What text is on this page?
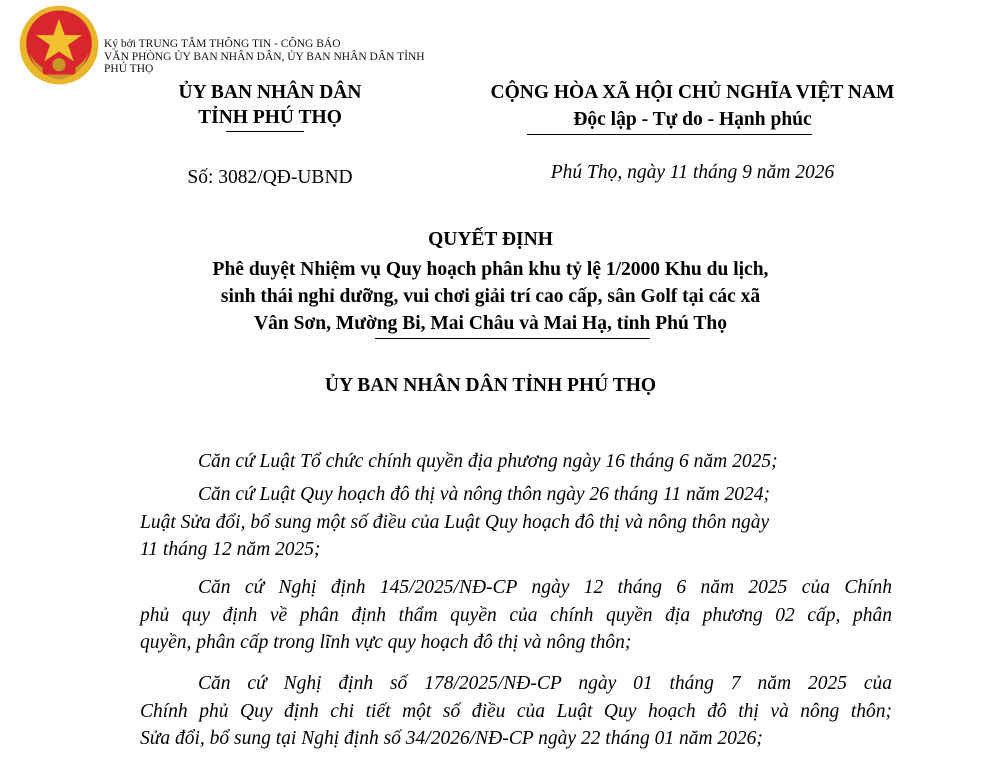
Ký bởi TRUNG TÂM THÔNG TIN - CÔNG BÁO
VĂN PHÒNG ỦY BAN NHÂN DÂN, ỦY BAN NHÂN DÂN TỈNH
PHÚ THỌ
ỦY BAN NHÂN DÂN
TỈNH PHÚ THỌ
CỘNG HÒA XÃ HỘI CHỦ NGHĨA VIỆT NAM
Độc lập - Tự do - Hạnh phúc
Số: 3082/QĐ-UBND	Phú Thọ, ngày 11 tháng 9 năm 2026
QUYẾT ĐỊNH
Phê duyệt Nhiệm vụ Quy hoạch phân khu tỷ lệ 1/2000 Khu du lịch,
sinh thái nghỉ dưỡng, vui chơi giải trí cao cấp, sân Golf tại các xã
Vân Sơn, Mường Bi, Mai Châu và Mai Hạ, tỉnh Phú Thọ
ỦY BAN NHÂN DÂN TỈNH PHÚ THỌ

Căn cứ Luật Tổ chức chính quyền địa phương ngày 16 tháng 6 năm 2025;

Căn cứ Luật Quy hoạch đô thị và nông thôn ngày 26 tháng 11 năm 2024;
Luật Sửa đổi, bổ sung một số điều của Luật Quy hoạch đô thị và nông thôn ngày
11 tháng 12 năm 2025;

Căn cứ Nghị định 145/2025/NĐ-CP ngày 12 tháng 6 năm 2025 của Chính
phủ quy định về phân định thẩm quyền của chính quyền địa phương 02 cấp, phân
quyền, phân cấp trong lĩnh vực quy hoạch đô thị và nông thôn;

Căn cứ Nghị định số 178/2025/NĐ-CP ngày 01 tháng 7 năm 2025 của
Chính phủ Quy định chi tiết một số điều của Luật Quy hoạch đô thị và nông thôn;
Sửa đổi, bổ sung tại Nghị định số 34/2026/NĐ-CP ngày 22 tháng 01 năm 2026;
